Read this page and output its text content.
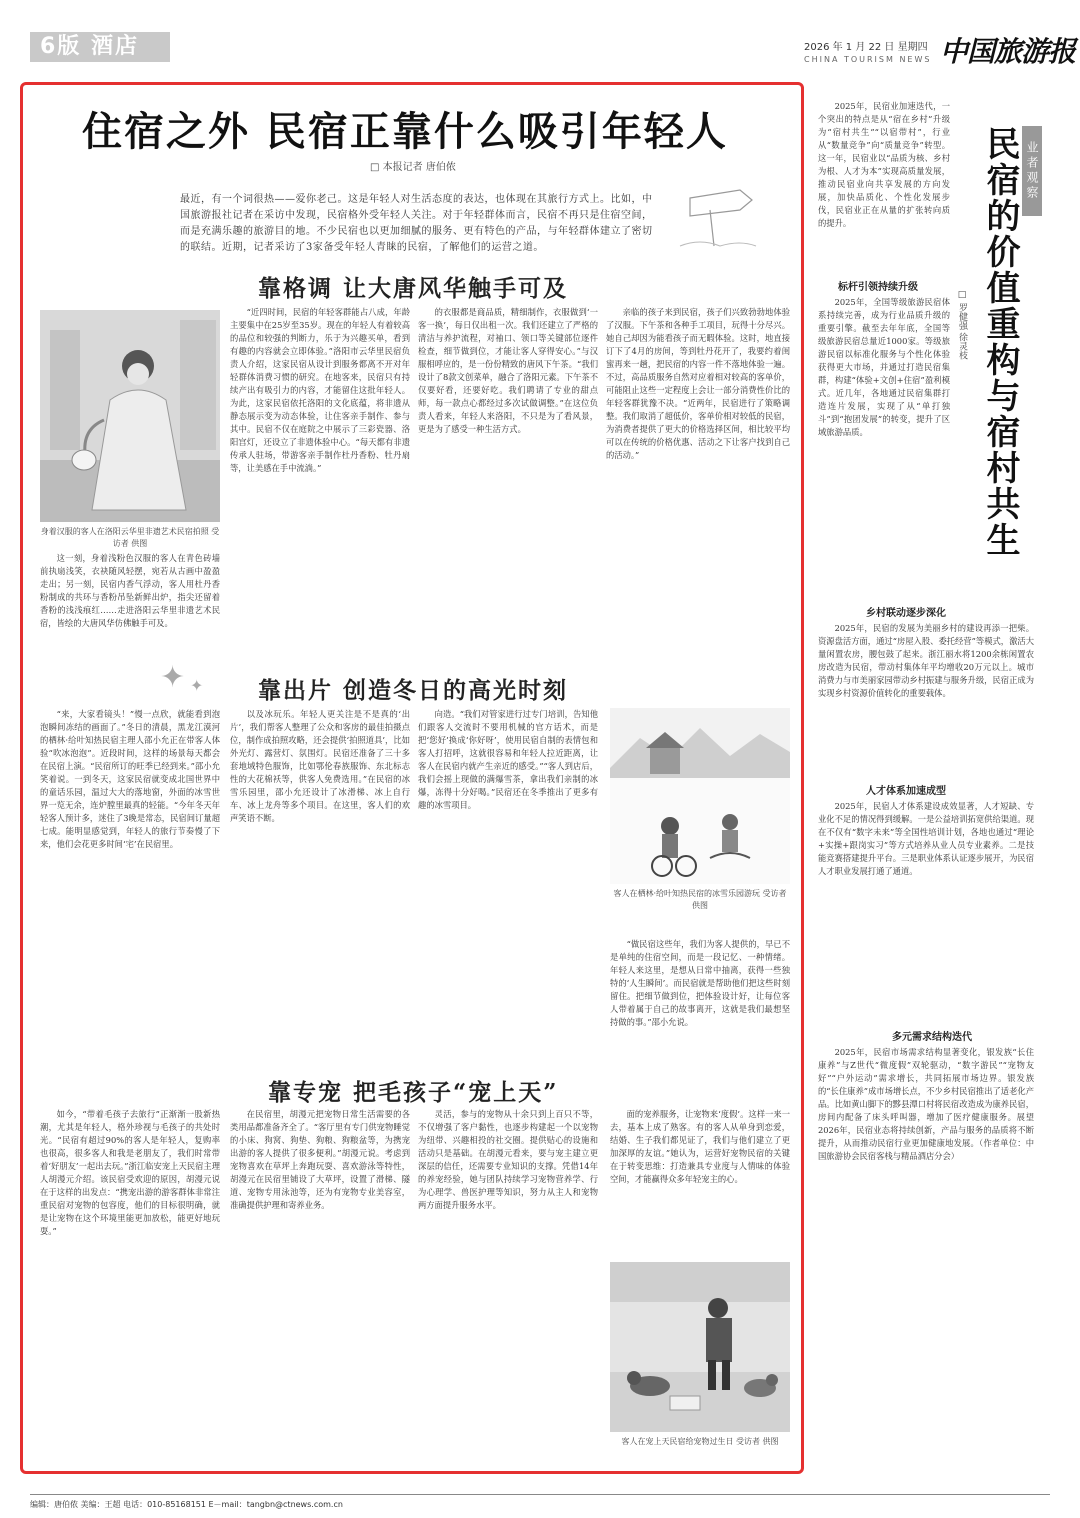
6版 酒店	2026 年 1 月 22 日 星期四
CHINA TOURISM NEWS 中国旅游报
住宿之外 民宿正靠什么吸引年轻人
□ 本报记者 唐伯侬
最近，有一个词很热——爱你老己。这是年轻人对生活态度的表达，也体现在其旅行方式上。比如，中国旅游报社记者在采访中发现，民宿格外受年轻人关注。对于年轻群体而言，民宿不再只是住宿空间，而是充满乐趣的旅游目的地。不少民宿也以更加细腻的服务、更有特色的产品，与年轻群体建立了密切的联结。近期，记者采访了3家备受年轻人青睐的民宿，了解他们的运营之道。
靠格调 让大唐风华触手可及
身着汉服的客人在洛阳云华里非遗艺术民宿拍照 受访者 供图

这一刻，身着浅粉色汉服的客人在青色砖墙前执扇浅笑，衣袂随风轻摆，宛若从古画中盈盈走出；另一刻，民宿内香气浮动，客人用杜丹香粉制成的共环与香粉吊坠新鲜出炉，指尖还留着香粉的浅浅痕红……走进洛阳云华里非遗艺术民宿，皆绘的大唐风华仿佛触手可及。

“近四时间，民宿的年轻客群能占八成，年龄主要集中在25岁至35岁。现在的年轻人有着较高的品位和较强的判断力，乐于为兴趣买单，看到有趣的内容就会立即体验。”洛阳市云华里民宿负责人介绍，这家民宿从设计到服务都离不开对年轻群体消费习惯的研究。在地客来，民宿只有持续产出有吸引力的内容，才能留住这批年轻人。为此，这家民宿依托洛阳的文化底蕴，将非遗从静态展示变为动态体验，让住客亲手制作、参与其中。民宿不仅在庭院之中展示了三彩瓷器、洛阳宫灯，还设立了非遗体验中心。“每天都有非遗传承人驻场，带游客亲手制作杜丹香粉、牡丹扇等，让美感在手中流淌。”

的衣服都是商品质，精细制作，衣服做到‘一客一换’，每日仅出租一次。我们还建立了严格的清洁与养护流程，对袖口、领口等关键部位逐件检查，细节做到位，才能让客人穿得安心。”与汉服相呼应的，是一份份精致的唐风下午茶。“我们设计了8款文创菜单，融合了洛阳元素。下午茶不仅要好看，还要好吃。我们聘请了专业的甜点师，每一款点心都经过多次试做调整。”在这位负责人看来，年轻人来洛阳，不只是为了看风景，更是为了感受一种生活方式。

亲临的孩子来到民宿，孩子们兴致勃勃地体验了汉服。下午茶和各种手工项目，玩得十分尽兴。她自己却因为能看孩子而无暇体验。这时，地直接订下了4月的房间，等到牡丹花开了，我要约着闺蜜再来一趟，把民宿的内容一件不落地体验一遍。不过，高品质服务自然对应着相对较高的客单价，可能阻止这些一定程度上会让一部分消费性价比的年轻客群犹豫不决。“近两年，民宿进行了策略调整。我们取消了超低价，客单价相对较低的民宿，为消费者提供了更大的价格选择区间，相比较平均可以在传统的价格优惠、活动之下让客户找到自己的活动。”

✦ ✦ 靠出片 创造冬日的高光时刻

“来，大家看镜头！”慢一点欣，就能看到泡泡瞬间冻结的画面了。”冬日的清晨，黑龙江漠河的栖林·给叶知热民宿主理人邵小允正在带客人体验“吹冰泡泡”。近段时间，这样的场景每天都会在民宿上演。“民宿所订的旺季已经到来。”邵小允笑着说。一到冬天，这家民宿就变成北国世界中的童话乐园，温过大大的落地窗，外面的冰雪世界一览无余，连炉膛里最真的轻能。“今年冬天年轻客人预计多，迷住了3晚是常态，民宿间订量超七成。能明显感觉到，年轻人的旅行节奏慢了下来，他们会花更多时间‘宅’在民宿里。

以及冰玩乐。年轻人更关注是不是真的‘出片’，我们帮客人整理了公众和客房的最佳拍摄点位，制作成拍照攻略，还会提供‘拍照道具’，比如外光灯、露营灯、氛围灯。民宿还准备了三十多套地域特色服饰，比如鄂伦春族服饰、东北标志性的大花棉袄等，供客人免费选用。”在民宿的冰雪乐园里，邵小允还设计了冰滑梯、冰上自行车、冰上龙舟等多个项目。在这里，客人们的欢声笑语不断。

向造。“我们对管家进行过专门培训，告知他们跟客人交流时不要用机械的官方话术，而是把‘您好’换成‘你好呀’，使用民宿自制的表情包和客人打招呼，这就很容易和年轻人拉近距离，让客人在民宿内就产生亲近的感受。”“客人到店后，我们会摇上现做的满爆雪茶，拿出我们亲制的冰爆，冻得十分好喝。”民宿还在冬季推出了更多有趣的冰雪项目。

客人在栖林·给叶知热民宿的冰雪乐园游玩 受访者 供图

“做民宿这些年，我们为客人提供的，早已不是单纯的住宿空间，而是一段记忆、一种情绪。年轻人来这里，是想从日常中抽离，获得一些独特的‘人生瞬间’。而民宿就是帮助他们把这些时刻留住。把细节做到位，把体验设计好，让每位客人带着属于自己的故事离开，这就是我们最想坚持做的事。”邵小允说。

靠专宠 把毛孩子“宠上天”

如今，“带着毛孩子去旅行”正渐渐一股新热潮，尤其是年轻人，格外珍视与毛孩子的共处时光。“民宿有超过90%的客人是年轻人，复购率也很高，很多客人和我是老朋友了，我们时常带着‘好朋友’一起出去玩。”浙江临安宠上天民宿主理人胡漫元介绍。该民宿受欢迎的原因，胡漫元说在于这样的出发点：“携宠出游的游客群体非常注重民宿对宠物的包容度，他们的目标很明确，就是让宠物在这个环境里能更加放松，能更好地玩耍。”

在民宿里，胡漫元把宠物日常生活需要的各类用品都准备齐全了。“客厅里有专门供宠物睡觉的小床、狗窝、狗垫、狗粮、狗粮盆等，为携宠出游的客人提供了很多便利。”胡漫元说。考虑到宠物喜欢在草坪上奔跑玩耍、喜欢游泳等特性，胡漫元在民宿里铺设了大草坪，设置了滑梯、隧道、宠物专用泳池等，还为有宠物专业美容室，准确提供护理和寄养业务。

灵活，参与的宠物从十余只到上百只不等，不仅增强了客户黏性，也逐步构建起一个以宠物为纽带、兴趣相投的社交圈。提供贴心的设施和活动只是基础。在胡漫元看来，要与宠主建立更深层的信任，还需要专业知识的支撑。凭借14年的养宠经验，她与团队持续学习宠物营养学、行为心理学、兽医护理等知识，努力从主人和宠物两方面提升服务水平。

面的宠养服务，让宠物来‘度假’。这样一来一去，基本上成了熟客。有的客人从单身到恋爱，结婚、生子我们都见证了，我们与他们建立了更加深厚的友谊。”她认为，运营好宠物民宿的关键在于转变思维：打造兼具专业度与人情味的体验空间，才能赢得众多年轻宠主的心。

客人在宠上天民宿给宠物过生日 受访者 供图
业者观察
民宿的价值重构与宿村共生
□ 罗健强 徐灵枝

2025年，民宿业加速迭代，一个突出的特点是从“宿在乡村”升级为“宿村共生”“以宿带村”，行业从“数量竞争”向“质量竞争”转型。这一年，民宿业以“品质为核、乡村为根、人才为本”实现高质量发展，推动民宿业向共享发展的方向发展，加快品质化、个性化发展步伐，民宿业正在从量的扩张转向质的提升。

标杆引领持续升级

2025年，全国等级旅游民宿体系持续完善，成为行业品质升级的重要引擎。截至去年年底，全国等级旅游民宿总量近1000家。等级旅游民宿以标准化服务与个性化体验获得更大市场，并通过打造民宿集群，构建“体验+文创+住宿”盈利模式。近几年，各地通过民宿集群打造连片发展，实现了从“单打独斗”到“抱团发展”的转变，提升了区域旅游品质。

乡村联动逐步深化

2025年，民宿的发展为美丽乡村的建设再添一把柴。资源盘活方面，通过“房屋入股、委托经营”等模式，激活大量闲置农房，腰包鼓了起来。浙江丽水将1200余栋闲置农房改造为民宿，带动村集体年平均增收20万元以上。城市消费力与市美丽家园带动乡村振建与服务升级，民宿正成为实现乡村资源价值转化的重要载体。

人才体系加速成型

2025年，民宿人才体系建设成效显著，人才短缺、专业化不足的情况得到缓解。一是公益培训拓宽供给渠道。现在不仅有“数字未来”等全国性培训计划，各地也通过“理论+实操+跟岗实习”等方式培养从业人员专业素养。二是技能竞赛搭建提升平台。三是职业体系认证逐步展开，为民宿人才职业发展打通了通道。

多元需求结构迭代

2025年，民宿市场需求结构显著变化，银发族“长住康养”与Z世代“微度假”双轮驱动，“数字游民”“宠物友好”“户外运动”需求增长，共同拓展市场边界。银发族的“长住康养”成市场增长点，不少乡村民宿推出了适老化产品。比如黄山脚下的黟县潭口村将民宿改造成为康养民宿，房间内配备了床头呼叫器，增加了医疗健康服务。展望2026年，民宿业态将持续创新，产品与服务的品质将不断提升，从而推动民宿行业更加健康地发展。（作者单位：中国旅游协会民宿客栈与精品酒店分会）

编辑：唐伯侬 美编：王超 电话：010-85168151 E－mail：tangbn@ctnews.com.cn
